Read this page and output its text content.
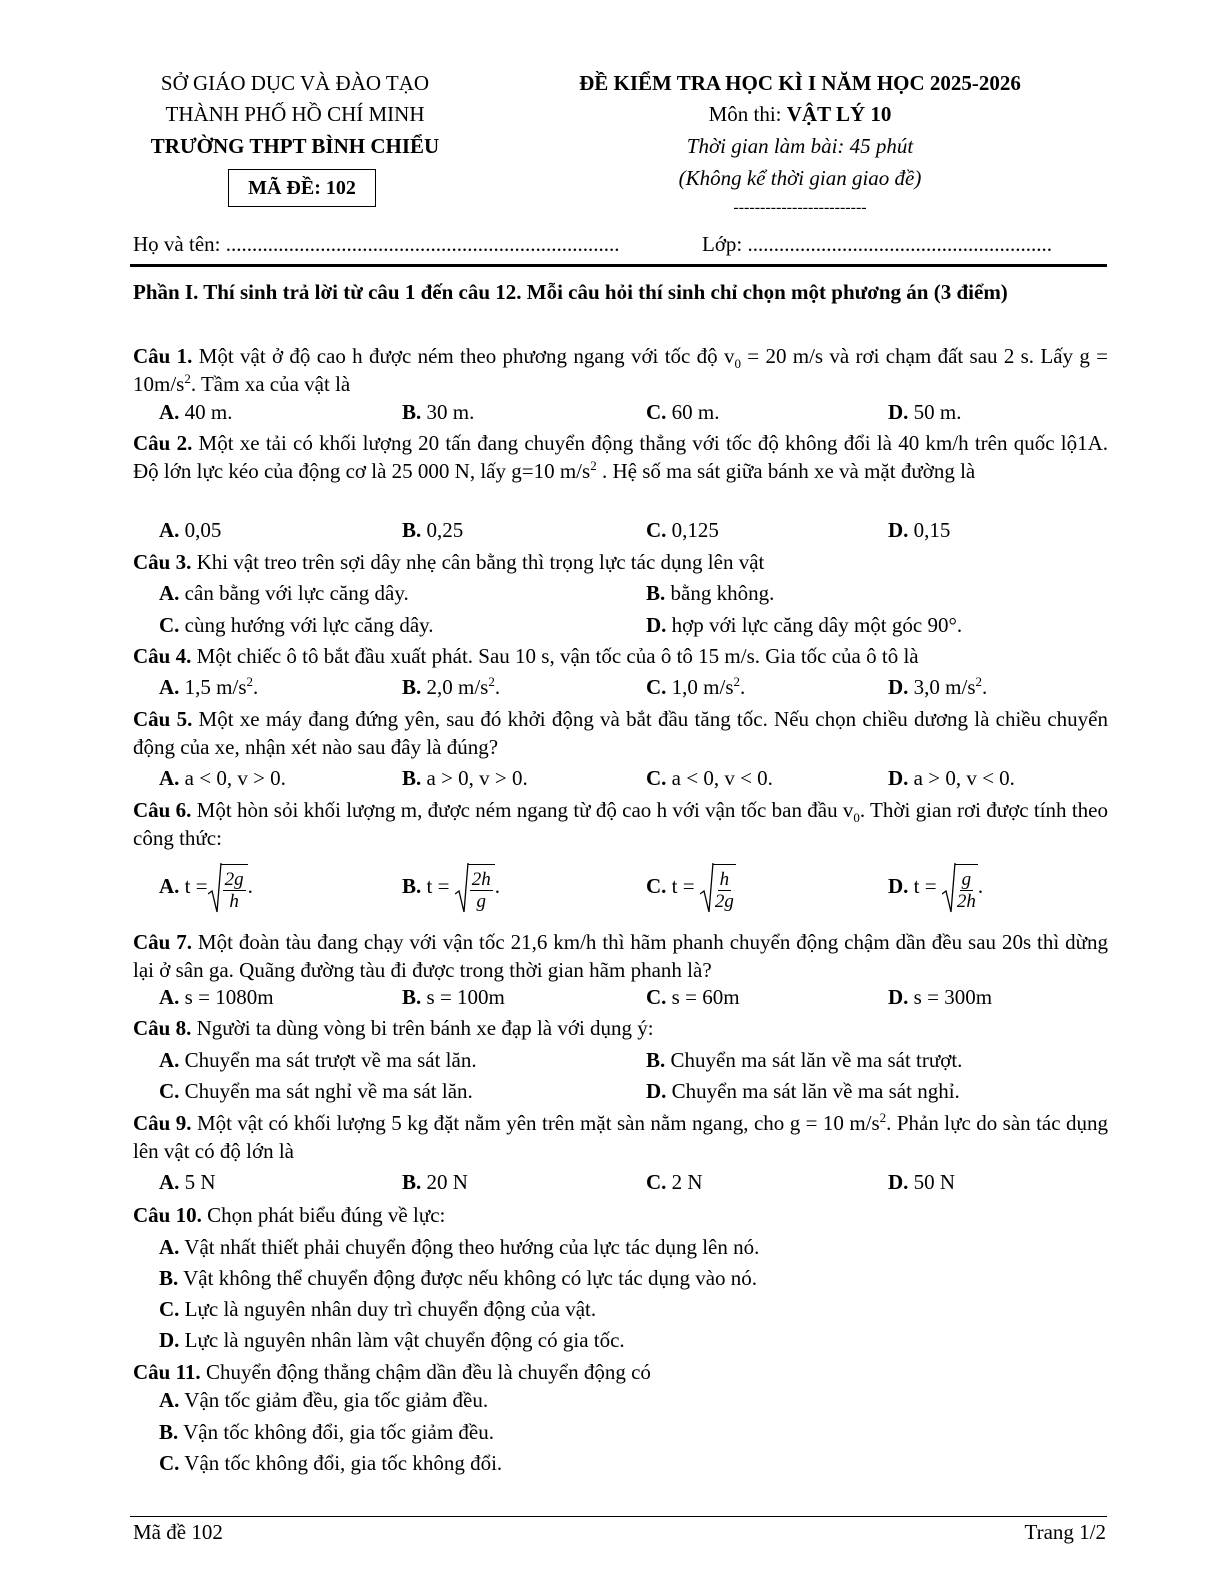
SỞ GIÁO DỤC VÀ ĐÀO TẠO
THÀNH PHỐ HỒ CHÍ MINH
TRƯỜNG THPT BÌNH CHIỂU
MÃ ĐỀ: 102
ĐỀ KIỂM TRA HỌC KÌ I NĂM HỌC 2025-2026
Môn thi: VẬT LÝ 10
Thời gian làm bài: 45 phút
(Không kể thời gian giao đề)
-------------------------
Họ và tên: ...........................................................................	Lớp: ..........................................................
Phần I. Thí sinh trả lời từ câu 1 đến câu 12. Mỗi câu hỏi thí sinh chỉ chọn một phương án (3 điểm)
Câu 1. Một vật ở độ cao h được ném theo phương ngang với tốc độ $v_0 = 20$ m/s và rơi chạm đất sau 2 s. Lấy $g = 10m/s^2$. Tầm xa của vật là
A. 40 m.	B. 30 m.	C. 60 m.	D. 50 m.
Câu 2. Một xe tải có khối lượng 20 tấn đang chuyển động thẳng với tốc độ không đổi là 40 km/h trên quốc lộ1A. Độ lớn lực kéo của động cơ là 25 000 N, lấy g=10 $m/s^2$ . Hệ số ma sát giữa bánh xe và mặt đường là
A. 0,05	B. 0,25	C. 0,125	D. 0,15
Câu 3. Khi vật treo trên sợi dây nhẹ cân bằng thì trọng lực tác dụng lên vật
A. cân bằng với lực căng dây.	B. bằng không.
C. cùng hướng với lực căng dây.	D. hợp với lực căng dây một góc 90°.
Câu 4. Một chiếc ô tô bắt đầu xuất phát. Sau 10 s, vận tốc của ô tô 15 m/s. Gia tốc của ô tô là
A. 1,5 $m/s^2$.	B. 2,0 $m/s^2$.	C. 1,0 $m/s^2$.	D. 3,0 $m/s^2$.
Câu 5. Một xe máy đang đứng yên, sau đó khởi động và bắt đầu tăng tốc. Nếu chọn chiều dương là chiều chuyển động của xe, nhận xét nào sau đây là đúng?
A. a < 0, v > 0.	B. a > 0, v > 0.	C. a < 0, v < 0.	D. a > 0, v < 0.
Câu 6. Một hòn sỏi khối lượng m, được ném ngang từ độ cao h với vận tốc ban đầu $v_0$. Thời gian rơi được tính theo công thức:
A. $t = \frac{2g}{h}$ .	B. $t = \frac{2h}{g}$ .	C. $t = \frac{h}{2g}$	D. $t = \frac{g}{2h}$ .
Câu 7. Một đoàn tàu đang chạy với vận tốc 21,6 km/h thì hãm phanh chuyển động chậm dần đều sau 20s thì dừng lại ở sân ga. Quãng đường tàu đi được trong thời gian hãm phanh là?
A. s = 1080m	B. s = 100m	C. s = 60m	D. s = 300m
Câu 8. Người ta dùng vòng bi trên bánh xe đạp là với dụng ý:
A. Chuyển ma sát trượt về ma sát lăn.	B. Chuyển ma sát lăn về ma sát trượt.
C. Chuyển ma sát nghỉ về ma sát lăn.	D. Chuyển ma sát lăn về ma sát nghỉ.
Câu 9. Một vật có khối lượng 5 kg đặt nằm yên trên mặt sàn nằm ngang, cho g = 10 $m/s^2$. Phản lực do sàn tác dụng lên vật có độ lớn là
A. 5 N	B. 20 N	C. 2 N	D. 50 N
Câu 10. Chọn phát biểu đúng về lực:
A. Vật nhất thiết phải chuyển động theo hướng của lực tác dụng lên nó.
B. Vật không thể chuyển động được nếu không có lực tác dụng vào nó.
C. Lực là nguyên nhân duy trì chuyển động của vật.
D. Lực là nguyên nhân làm vật chuyển động có gia tốc.
Câu 11. Chuyển động thẳng chậm dần đều là chuyển động có
A. Vận tốc giảm đều, gia tốc giảm đều.
B. Vận tốc không đổi, gia tốc giảm đều.
C. Vận tốc không đổi, gia tốc không đổi.
Mã đề 102	Trang 1/2
